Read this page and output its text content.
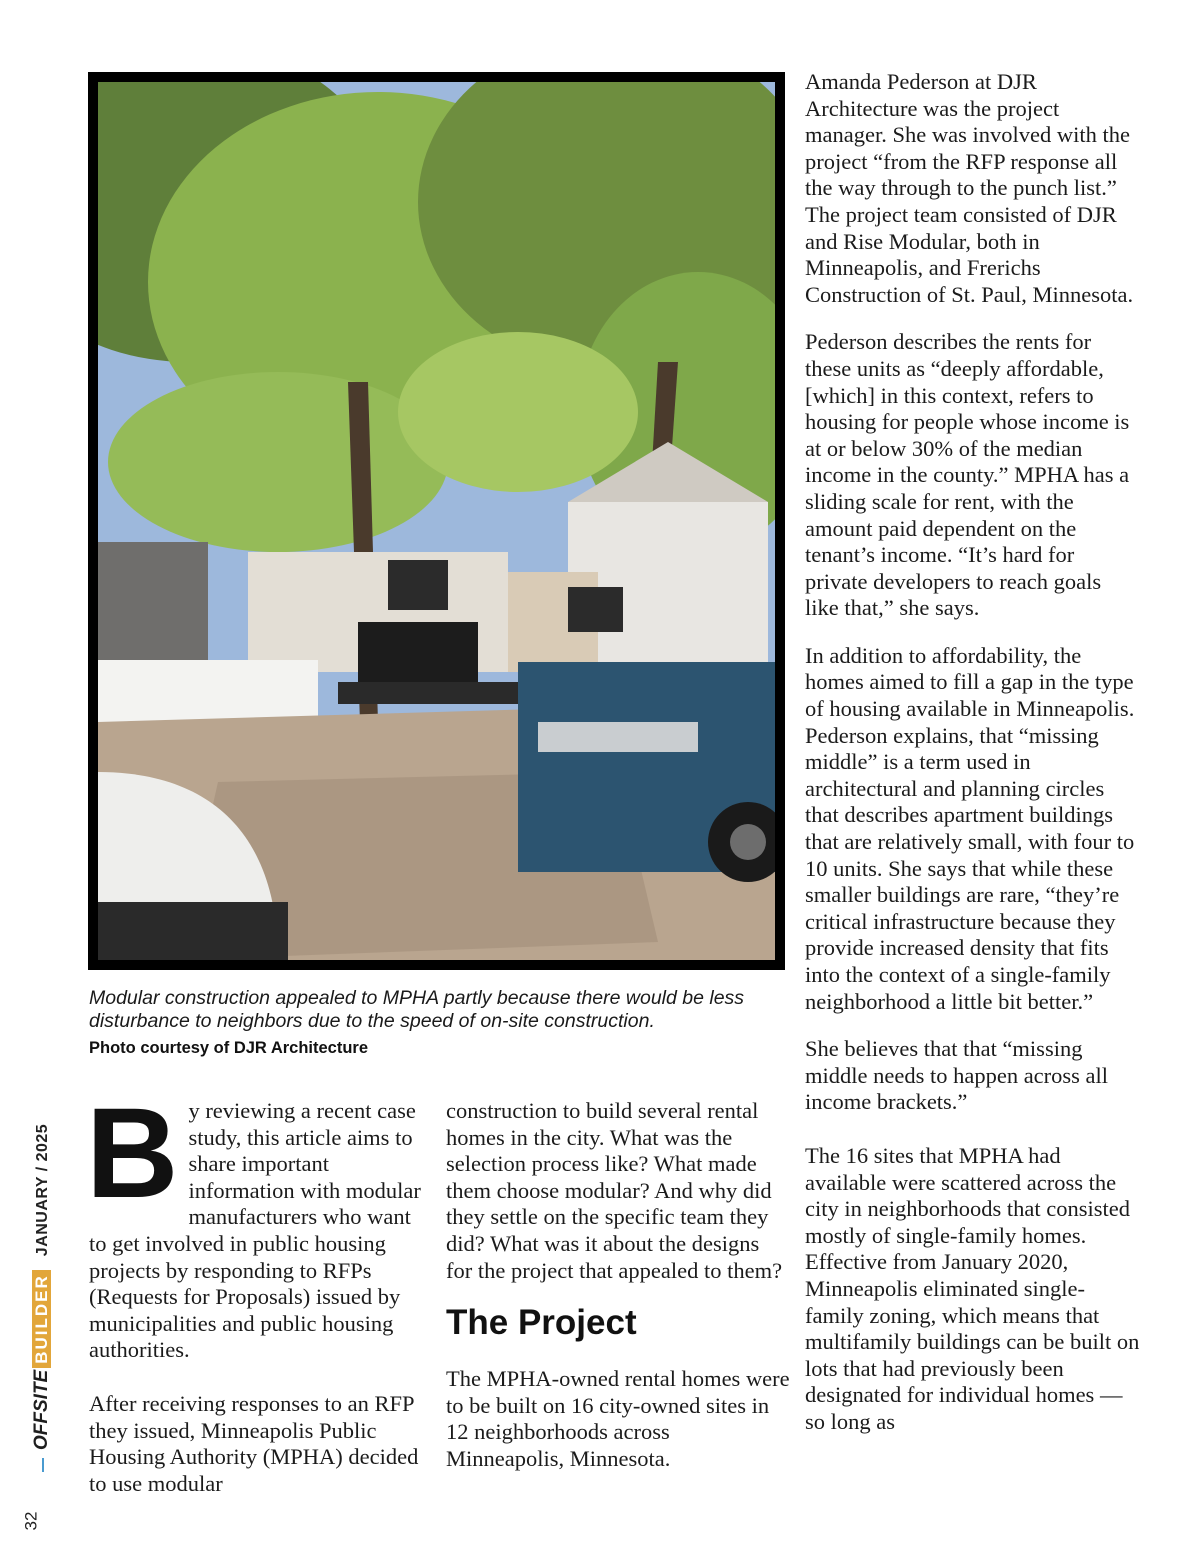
Modular construction appealed to MPHA partly because there would be less disturbance to neighbors due to the speed of on-site construction.

Photo courtesy of DJR Architecture
B y reviewing a recent case study, this article aims to share important information with modular manufacturers who want to get involved in public housing projects by responding to RFPs (Requests for Proposals) issued by municipalities and public housing authorities.

After receiving responses to an RFP they issued, Minneapolis Public Housing Authority (MPHA) decided to use modular

construction to build several rental homes in the city. What was the selection process like? What made them choose modular? And why did they settle on the specific team they did? What was it about the designs for the project that appealed to them?

The Project

The MPHA-owned rental homes were to be built on 16 city-owned sites in 12 neighborhoods across Minneapolis, Minnesota.

Amanda Pederson at DJR Architecture was the project manager. She was involved with the project “from the RFP response all the way through to the punch list.” The project team consisted of DJR and Rise Modular, both in Minneapolis, and Frerichs Construction of St. Paul, Minnesota.

Pederson describes the rents for these units as “deeply affordable, [which] in this context, refers to housing for people whose income is at or below 30% of the median income in the county.” MPHA has a sliding scale for rent, with the amount paid dependent on the tenant’s income. “It’s hard for private developers to reach goals like that,” she says.

In addition to affordability, the homes aimed to fill a gap in the type of housing available in Minneapolis. Pederson explains, that “missing middle” is a term used in architectural and planning circles that describes apartment buildings that are relatively small, with four to 10 units. She says that while these smaller buildings are rare, “they’re critical infrastructure because they provide increased density that fits into the context of a single-family neighborhood a little bit better.”

She believes that that “missing middle needs to happen across all income brackets.”

The 16 sites that MPHA had available were scattered across the city in neighborhoods that consisted mostly of single-family homes. Effective from January 2020, Minneapolis eliminated single-family zoning, which means that multifamily buildings can be built on lots that had previously been designated for individual homes — so long as

OFFSITEBUILDERJANUARY / 2025
32
